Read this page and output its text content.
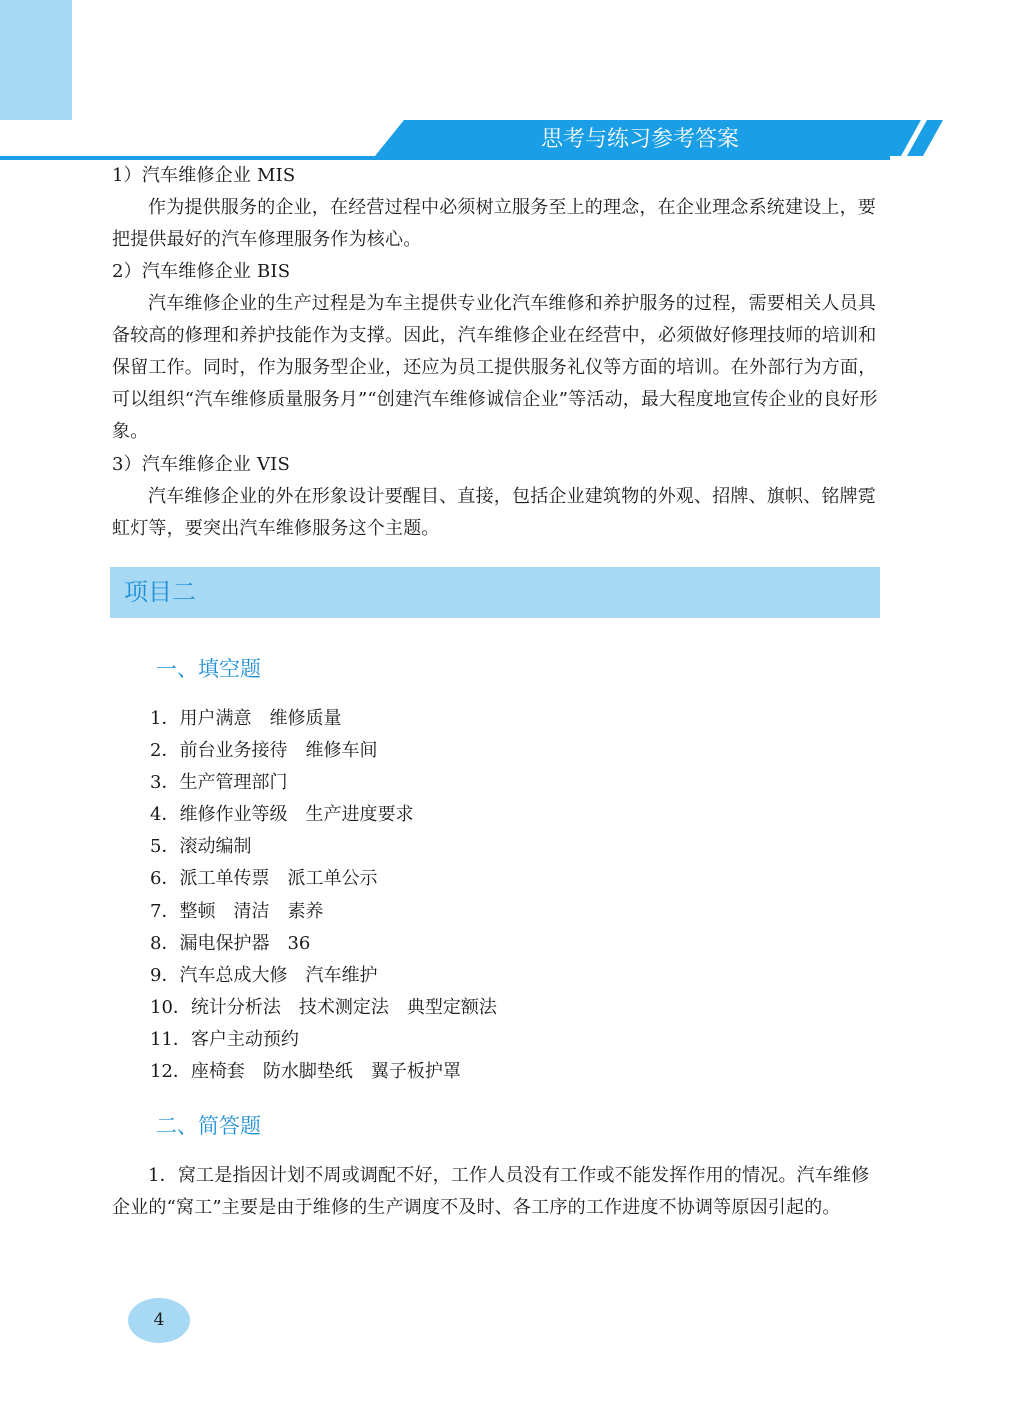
思考与练习参考答案
1）汽车维修企业 MIS
作为提供服务的企业，在经营过程中必须树立服务至上的理念，在企业理念系统建设上，要把提供最好的汽车修理服务作为核心。
2）汽车维修企业 BIS
汽车维修企业的生产过程是为车主提供专业化汽车维修和养护服务的过程，需要相关人员具备较高的修理和养护技能作为支撑。因此，汽车维修企业在经营中，必须做好修理技师的培训和保留工作。同时，作为服务型企业，还应为员工提供服务礼仪等方面的培训。在外部行为方面，可以组织“汽车维修质量服务月”“创建汽车维修诚信企业”等活动，最大程度地宣传企业的良好形象。
3）汽车维修企业 VIS
汽车维修企业的外在形象设计要醒目、直接，包括企业建筑物的外观、招牌、旗帜、铭牌霓虹灯等，要突出汽车维修服务这个主题。
项目二
一、填空题
1．用户满意　维修质量
2．前台业务接待　维修车间
3．生产管理部门
4．维修作业等级　生产进度要求
5．滚动编制
6．派工单传票　派工单公示
7．整顿　清洁　素养
8．漏电保护器　36
9．汽车总成大修　汽车维护
10．统计分析法　技术测定法　典型定额法
11．客户主动预约
12．座椅套　防水脚垫纸　翼子板护罩
二、简答题
1．窝工是指因计划不周或调配不好，工作人员没有工作或不能发挥作用的情况。汽车维修企业的“窝工”主要是由于维修的生产调度不及时、各工序的工作进度不协调等原因引起的。
4
